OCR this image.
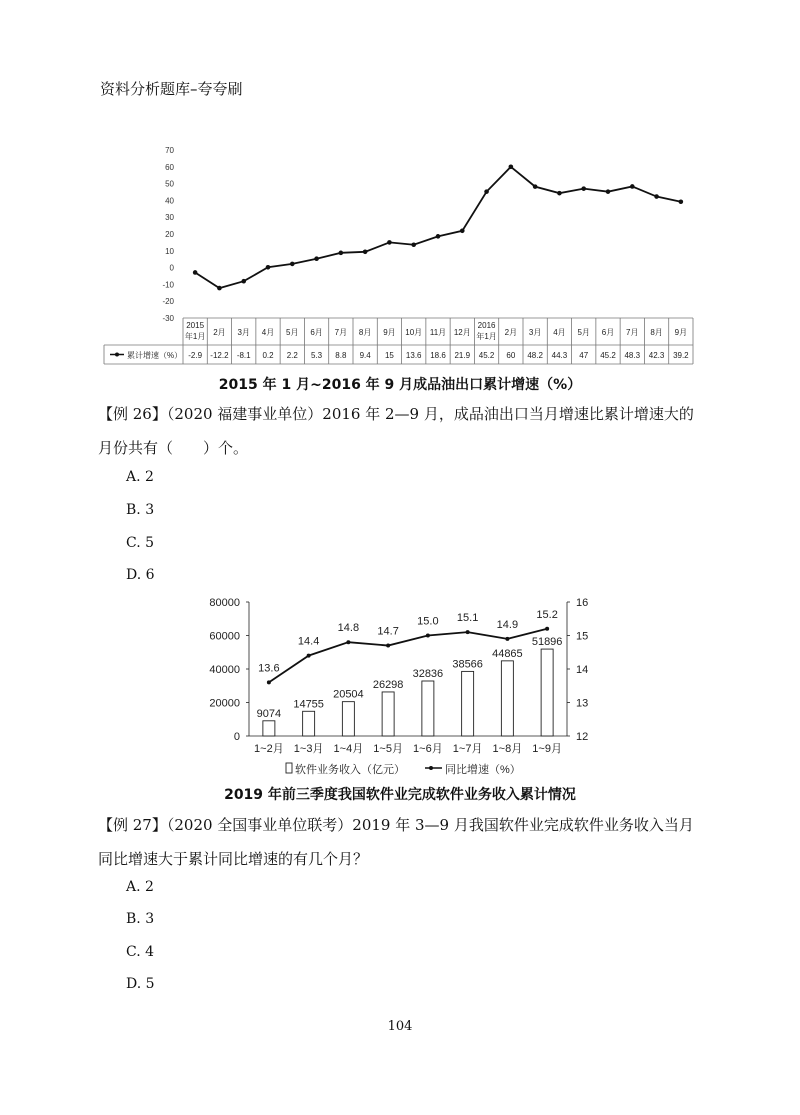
资料分析题库–夸夸刷
70
60
50
40
30
20
10
0
-10
-20
-30
2015
年1月
-2.9
2月
-12.2
3月
-8.1
4月
0.2
5月
2.2
6月
5.3
7月
8.8
8月
9.4
9月
15
10月
13.6
11月
18.6
12月
21.9
2016
年1月
45.2
2月
60
3月
48.2
4月
44.3
5月
47
6月
45.2
7月
48.3
8月
42.3
9月
39.2
累计增速（%）
2015 年 1 月~2016 年 9 月成品油出口累计增速（%）
【例 26】（2020 福建事业单位）2016 年 2—9 月，成品油出口当月增速比累计增速大的月份共有（　　）个。
A. 2
B. 3
C. 5
D. 6
80000
60000
40000
20000
0
16
15
14
13
12
9074
1~2月
14755
1~3月
20504
1~4月
26298
1~5月
32836
1~6月
38566
1~7月
44865
1~8月
51896
1~9月
13.6
14.4
14.8 14.7
15.0 15.1
14.9
15.2
软件业务收入（亿元）	同比增速（%）
2019 年前三季度我国软件业完成软件业务收入累计情况
【例 27】（2020 全国事业单位联考）2019 年 3—9 月我国软件业完成软件业务收入当月同比增速大于累计同比增速的有几个月？
A. 2
B. 3
C. 4
D. 5
104
